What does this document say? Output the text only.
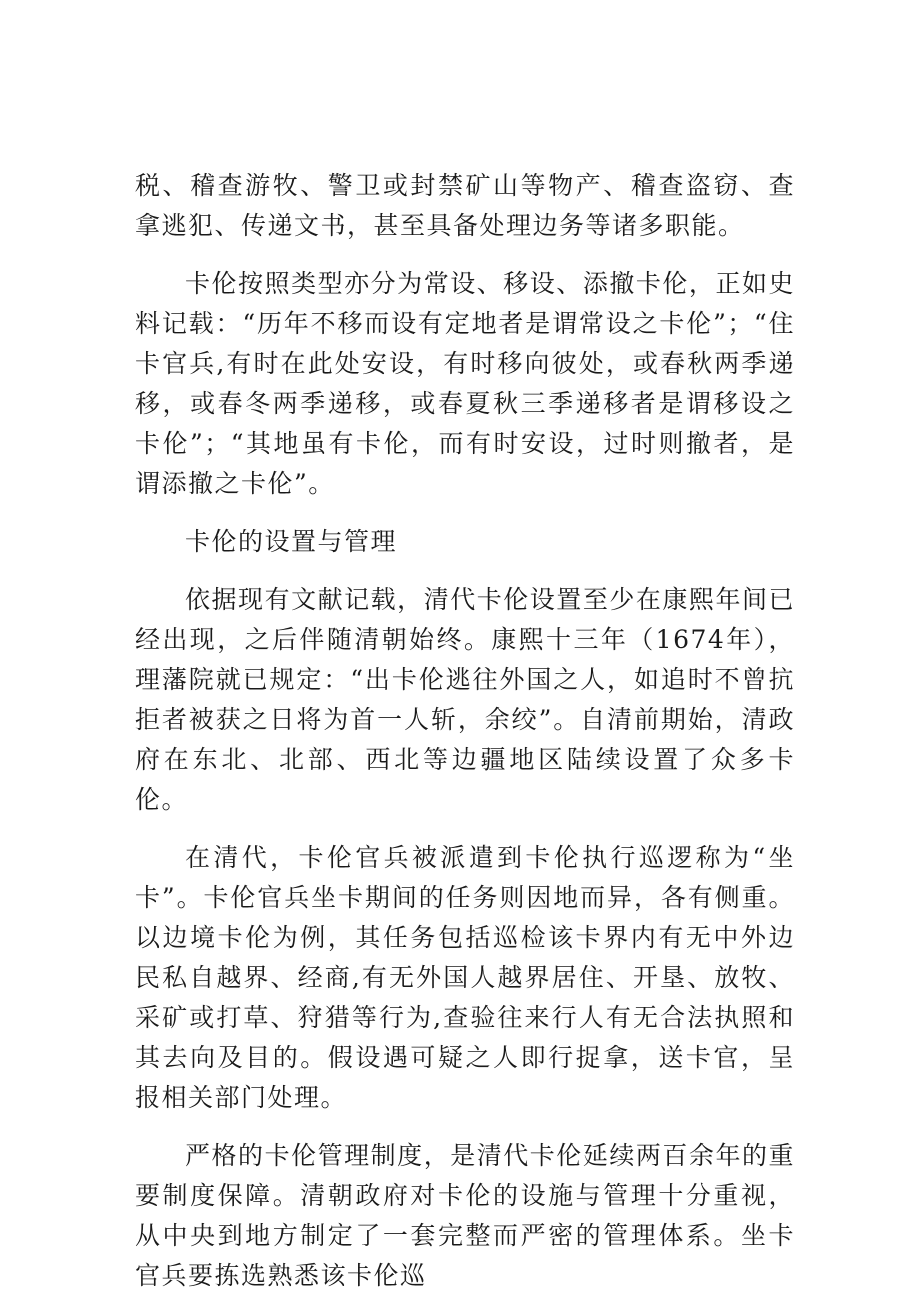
税、稽查游牧、警卫或封禁矿山等物产、稽查盗窃、查拿逃犯、传递文书，甚至具备处理边务等诸多职能。

卡伦按照类型亦分为常设、移设、添撤卡伦，正如史料记载：“历年不移而设有定地者是谓常设之卡伦”；“住卡官兵,有时在此处安设，有时移向彼处，或春秋两季递移，或春冬两季递移，或春夏秋三季递移者是谓移设之卡伦”；“其地虽有卡伦，而有时安设，过时则撤者，是谓添撤之卡伦”。

卡伦的设置与管理

依据现有文献记载，清代卡伦设置至少在康熙年间已经出现，之后伴随清朝始终。康熙十三年（1674年），理藩院就已规定：“出卡伦逃往外国之人，如追时不曾抗拒者被获之日将为首一人斩，余绞”。自清前期始，清政府在东北、北部、西北等边疆地区陆续设置了众多卡伦。

在清代，卡伦官兵被派遣到卡伦执行巡逻称为“坐卡”。卡伦官兵坐卡期间的任务则因地而异，各有侧重。以边境卡伦为例，其任务包括巡检该卡界内有无中外边民私自越界、经商,有无外国人越界居住、开垦、放牧、采矿或打草、狩猎等行为,查验往来行人有无合法执照和其去向及目的。假设遇可疑之人即行捉拿，送卡官，呈报相关部门处理。

严格的卡伦管理制度，是清代卡伦延续两百余年的重要制度保障。清朝政府对卡伦的设施与管理十分重视，从中央到地方制定了一套完整而严密的管理体系。坐卡官兵要拣选熟悉该卡伦巡
